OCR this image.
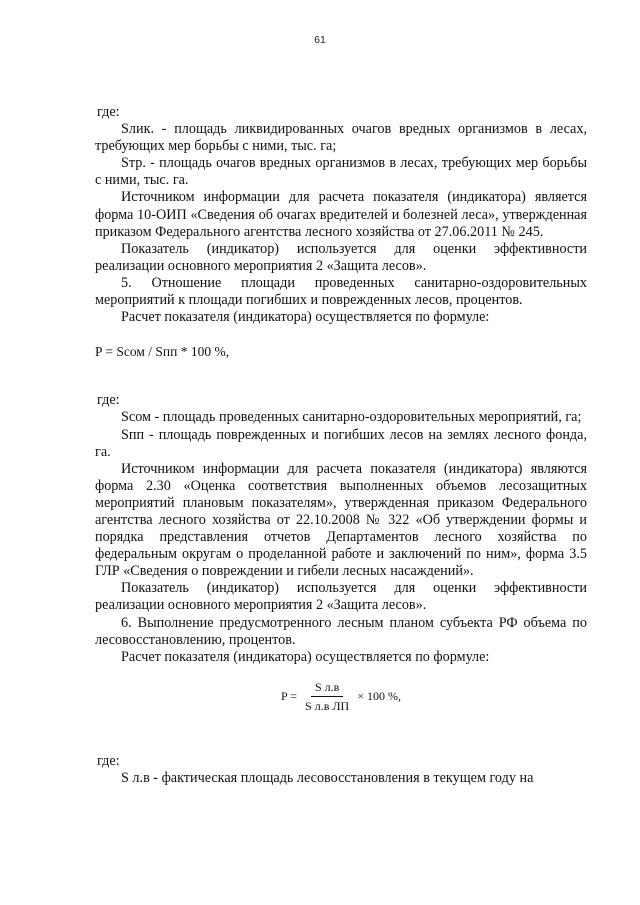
61

где:

Sлик. - площадь ликвидированных очагов вредных организмов в лесах, требующих мер борьбы с ними, тыс. га;

Sтр. - площадь очагов вредных организмов в лесах, требующих мер борьбы с ними, тыс. га.

Источником информации для расчета показателя (индикатора) является форма 10-ОИП «Сведения об очагах вредителей и болезней леса», утвержденная приказом Федерального агентства лесного хозяйства от 27.06.2011 № 245.

Показатель (индикатор) используется для оценки эффективности реализации основного мероприятия 2 «Защита лесов».

5. Отношение площади проведенных санитарно-оздоровительных мероприятий к площади погибших и поврежденных лесов, процентов.

Расчет показателя (индикатора) осуществляется по формуле:

P = Sсом / Sпп * 100 %,

где:

Sсом - площадь проведенных санитарно-оздоровительных мероприятий, га;

Sпп - площадь поврежденных и погибших лесов на землях лесного фонда, га.

Источником информации для расчета показателя (индикатора) являются форма 2.30 «Оценка соответствия выполненных объемов лесозащитных мероприятий плановым показателям», утвержденная приказом Федерального агентства лесного хозяйства от 22.10.2008 № 322 «Об утверждении формы и порядка представления отчетов Департаментов лесного хозяйства по федеральным округам о проделанной работе и заключений по ним», форма 3.5 ГЛР «Сведения о повреждении и гибели лесных насаждений».

Показатель (индикатор) используется для оценки эффективности реализации основного мероприятия 2 «Защита лесов».

6. Выполнение предусмотренного лесным планом субъекта РФ объема по лесовосстановлению, процентов.

Расчет показателя (индикатора) осуществляется по формуле:

$P = \frac{\text{S л.в}}{\text{S л.в ЛП}} \times 100$ %,

где:

S л.в - фактическая площадь лесовосстановления в текущем году на
